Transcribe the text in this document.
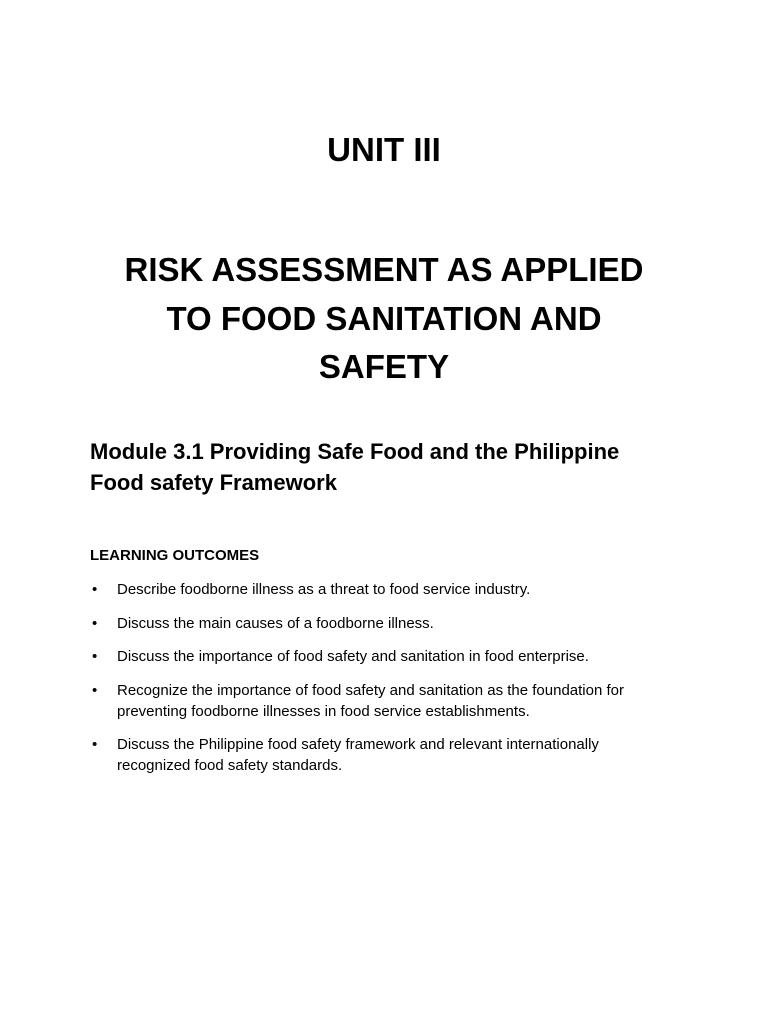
UNIT III
RISK ASSESSMENT AS APPLIED
TO FOOD SANITATION AND
SAFETY
Module 3.1 Providing Safe Food and the Philippine
Food safety Framework
LEARNING OUTCOMES
• Describe foodborne illness as a threat to food service industry.
• Discuss the main causes of a foodborne illness.
• Discuss the importance of food safety and sanitation in food enterprise.
• Recognize the importance of food safety and sanitation as the foundation for
preventing foodborne illnesses in food service establishments.
• Discuss the Philippine food safety framework and relevant internationally
recognized food safety standards.
